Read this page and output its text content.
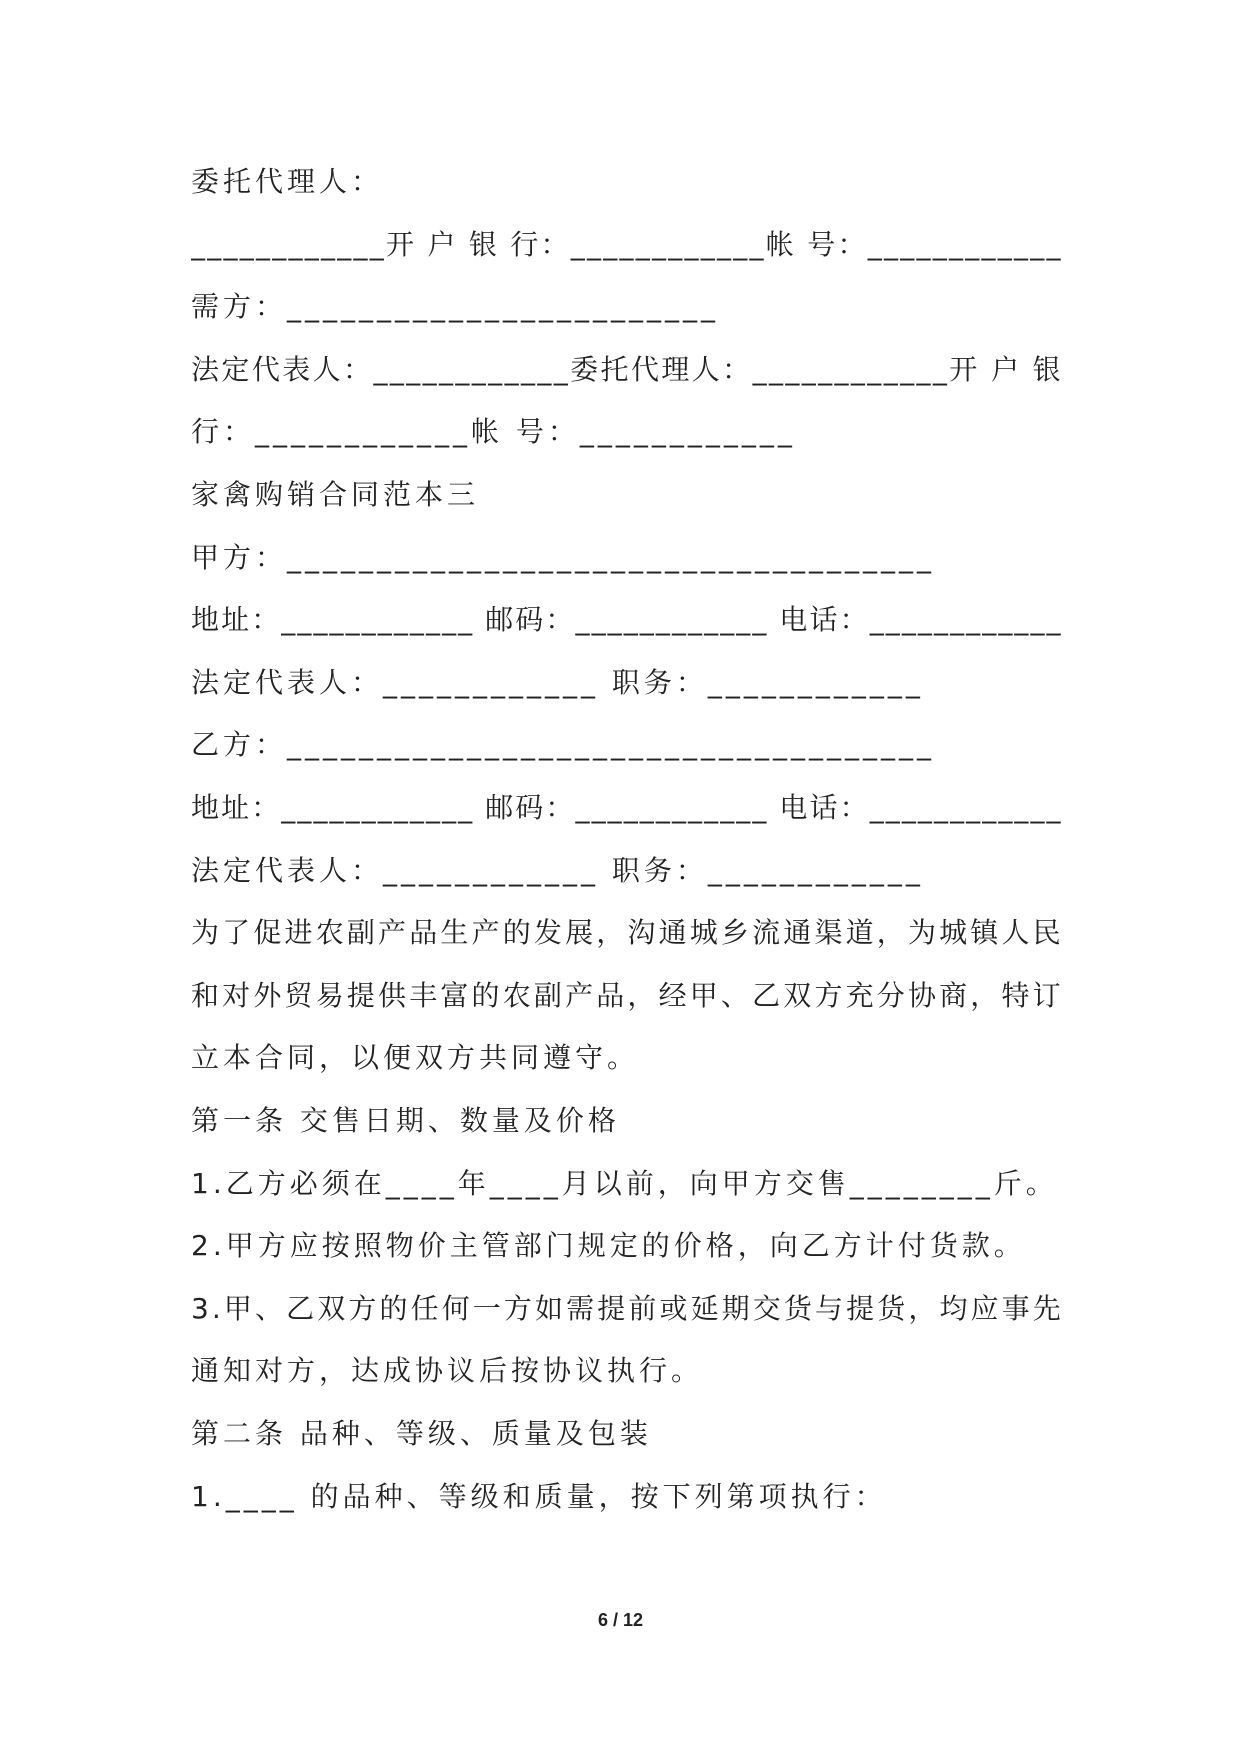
委托代理人：
_ _ _ _ _ _ _ _ _ _ _ _ 开
户
银
行 ： _ _ _ _ _ _ _ _ _ _ _ _ 帐
号 ： _ _ _ _ _ _ _ _ _ _ _ _
需方：________________________
法 定 代 表 人 ： _ _ _ _ _ _ _ _ _ _ _ _ 委 托 代 理 人 ： _ _ _ _ _ _ _ _ _ _ _ _ 开
户
银
行：____________帐 号：____________
家禽购销合同范本三
甲方：____________________________________
地 址 ： _ _ _ _ _ _ _ _ _ _ _ _
邮 码 ： _ _ _ _ _ _ _ _ _ _ _ _
电 话 ： _ _ _ _ _ _ _ _ _ _ _ _
法定代表人：____________ 职务：____________
乙方：____________________________________
地 址 ： _ _ _ _ _ _ _ _ _ _ _ _
邮 码 ： _ _ _ _ _ _ _ _ _ _ _ _
电 话 ： _ _ _ _ _ _ _ _ _ _ _ _
法定代表人：____________ 职务：____________
为 了 促 进 农 副 产 品 生 产 的 发 展 ， 沟 通 城 乡 流 通 渠 道 ， 为 城 镇 人 民
和 对 外 贸 易 提 供 丰 富 的 农 副 产 品 ， 经 甲 、 乙 双 方 充 分 协 商 ， 特 订
立本合同，以便双方共同遵守。
第一条 交售日期、数量及价格
1.乙方必须在____年____月以前，向甲方交售________斤。
2.甲方应按照物价主管部门规定的价格，向乙方计付货款。
3 . 甲 、 乙 双 方 的 任 何 一 方 如 需 提 前 或 延 期 交 货 与 提 货 ， 均 应 事 先
通知对方，达成协议后按协议执行。
第二条 品种、等级、质量及包装
1.____ 的品种、等级和质量，按下列第项执行：
6 / 12
